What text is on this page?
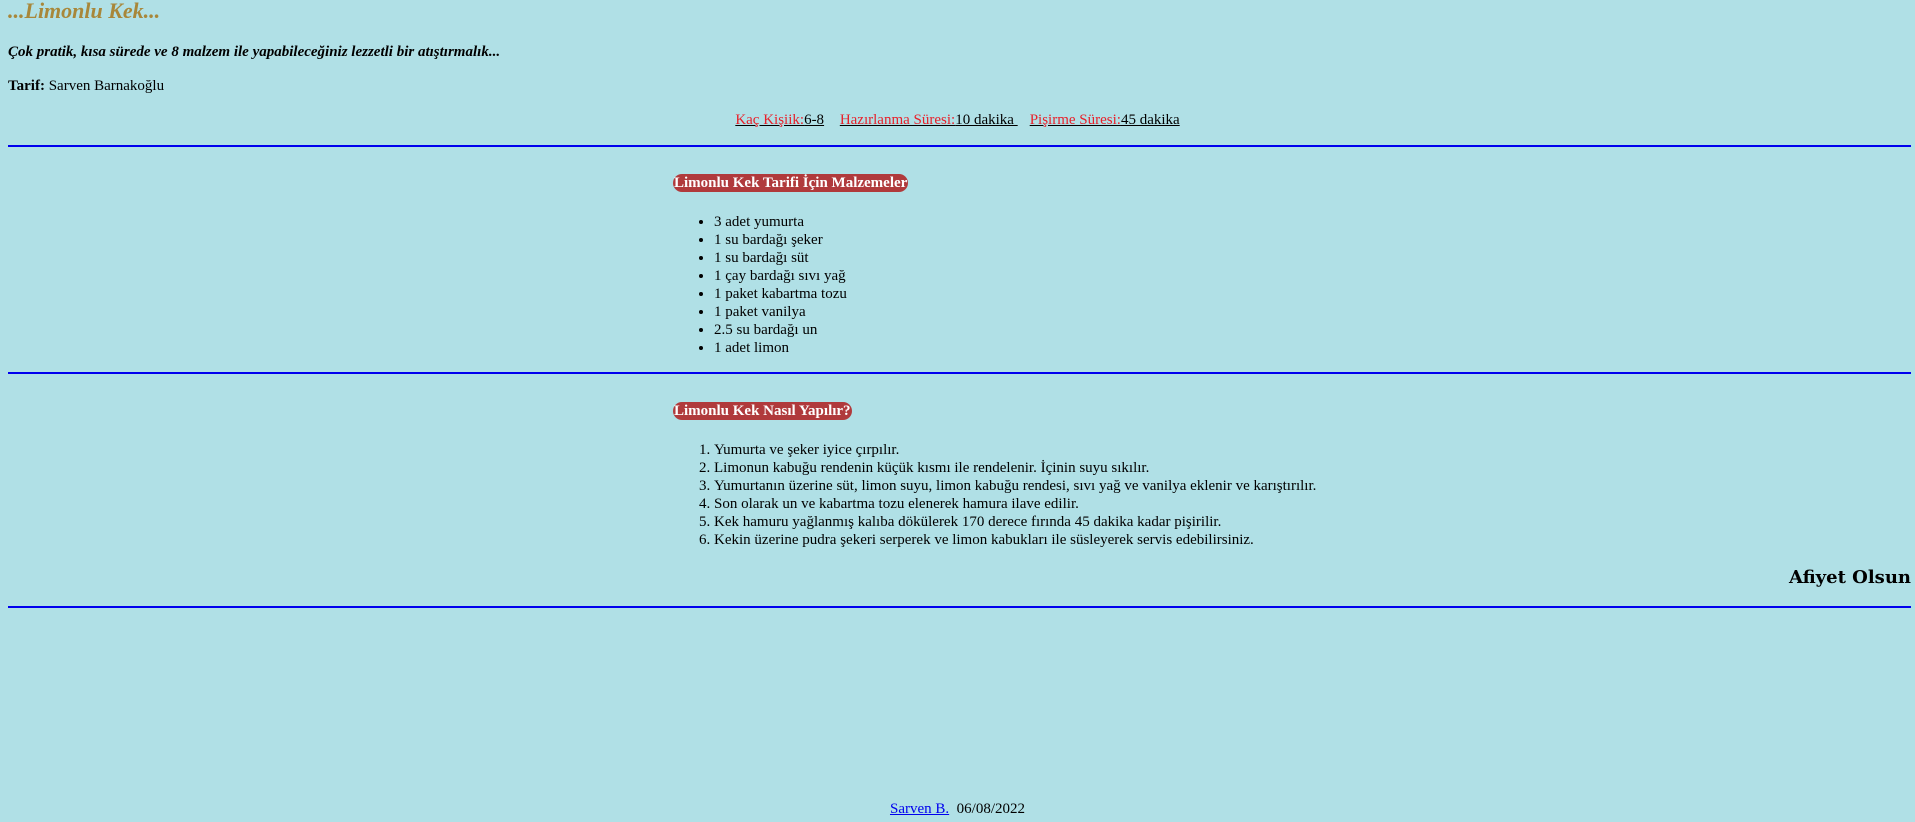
...Limonlu Kek...

Çok pratik, kısa sürede ve 8 malzem ile yapabileceğiniz lezzetli bir atıştırmalık...

Tarif: Sarven Barnakoğlu

Kaç Kişiik:6-8 Hazırlanma Süresi:10 dakika Pişirme Süresi:45 dakika
Limonlu Kek Tarifi İçin Malzemeler
• 3 adet yumurta
• 1 su bardağı şeker
• 1 su bardağı süt
• 1 çay bardağı sıvı yağ
• 1 paket kabartma tozu
• 1 paket vanilya
• 2.5 su bardağı un
• 1 adet limon
Limonlu Kek Nasıl Yapılır?
1. Yumurta ve şeker iyice çırpılır.
2. Limonun kabuğu rendenin küçük kısmı ile rendelenir. İçinin suyu sıkılır.
3. Yumurtanın üzerine süt, limon suyu, limon kabuğu rendesi, sıvı yağ ve vanilya eklenir ve karıştırılır.
4. Son olarak un ve kabartma tozu elenerek hamura ilave edilir.
5. Kek hamuru yağlanmış kalıba dökülerek 170 derece fırında 45 dakika kadar pişirilir.
6. Kekin üzerine pudra şekeri serperek ve limon kabukları ile süsleyerek servis edebilirsiniz.
Afiyet Olsun
Sarven B. 06/08/2022
